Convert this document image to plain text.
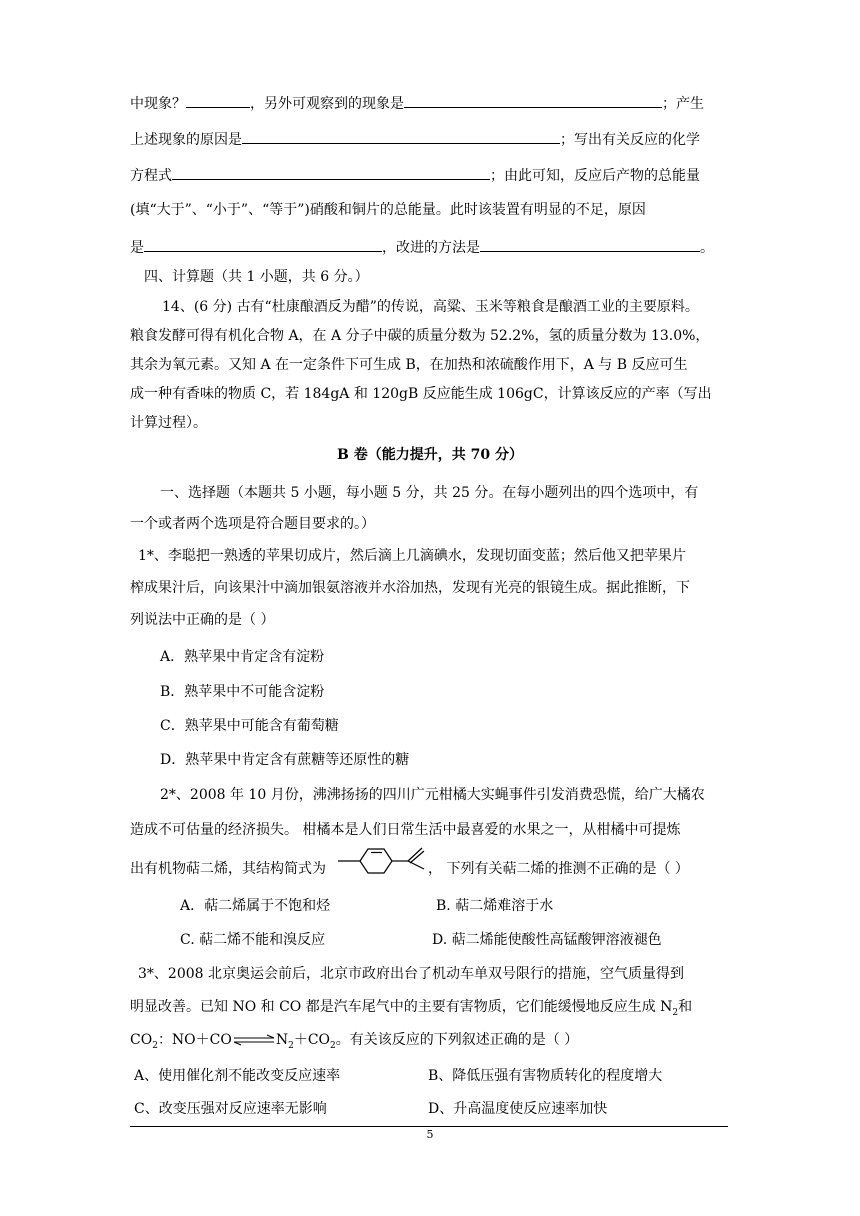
中现象？	，另外可观察到的现象是	；产生
上述现象的原因是	；写出有关反应的化学
方程式	；由此可知，反应后产物的总能量
(填“大于”、“小于”、“等于”)硝酸和铜片的总能量。此时该装置有明显的不足，原因
是	，改进的方法是	。
四、计算题（共 1 小题，共 6 分。）
14、(6 分) 古有“杜康酿酒反为醋”的传说，高粱、玉米等粮食是酿酒工业的主要原料。
粮食发酵可得有机化合物 A，在 A 分子中碳的质量分数为 52.2%，氢的质量分数为 13.0%，
其余为氧元素。又知 A 在一定条件下可生成 B，在加热和浓硫酸作用下，A 与 B 反应可生
成一种有香味的物质 C，若 184gA 和 120gB 反应能生成 106gC，计算该反应的产率（写出
计算过程）。
B 卷（能力提升，共 70 分）
一、选择题（本题共 5 小题，每小题 5 分，共 25 分。在每小题列出的四个选项中，有
一个或者两个选项是符合题目要求的。）
1*、李聪把一熟透的苹果切成片，然后滴上几滴碘水，发现切面变蓝；然后他又把苹果片
榨成果汁后，向该果汁中滴加银氨溶液并水浴加热，发现有光亮的银镜生成。据此推断，下
列说法中正确的是（ ）
A．熟苹果中肯定含有淀粉
B．熟苹果中不可能含淀粉
C．熟苹果中可能含有葡萄糖
D．熟苹果中肯定含有蔗糖等还原性的糖
2*、2008 年 10 月份，沸沸扬扬的四川广元柑橘大实蝇事件引发消费恐慌，给广大橘农
造成不可估量的经济损失。 柑橘本是人们日常生活中最喜爱的水果之一，从柑橘中可提炼
出有机物萜二烯，其结构简式为	， 下列有关萜二烯的推测不正确的是（ ）
A．萜二烯属于不饱和烃	B. 萜二烯难溶于水
C. 萜二烯不能和溴反应	D. 萜二烯能使酸性高锰酸钾溶液褪色
3*、2008 北京奥运会前后，北京市政府出台了机动车单双号限行的措施，空气质量得到
明显改善。已知 NO 和 CO 都是汽车尾气中的主要有害物质，它们能缓慢地反应生成 $N_2$和
$CO_2$：$NO+CO\rightleftharpoons N_2+CO_2$。有关该反应的下列叙述正确的是（ ）
A、使用催化剂不能改变反应速率	B、降低压强有害物质转化的程度增大
C、改变压强对反应速率无影响	D、升高温度使反应速率加快
5
